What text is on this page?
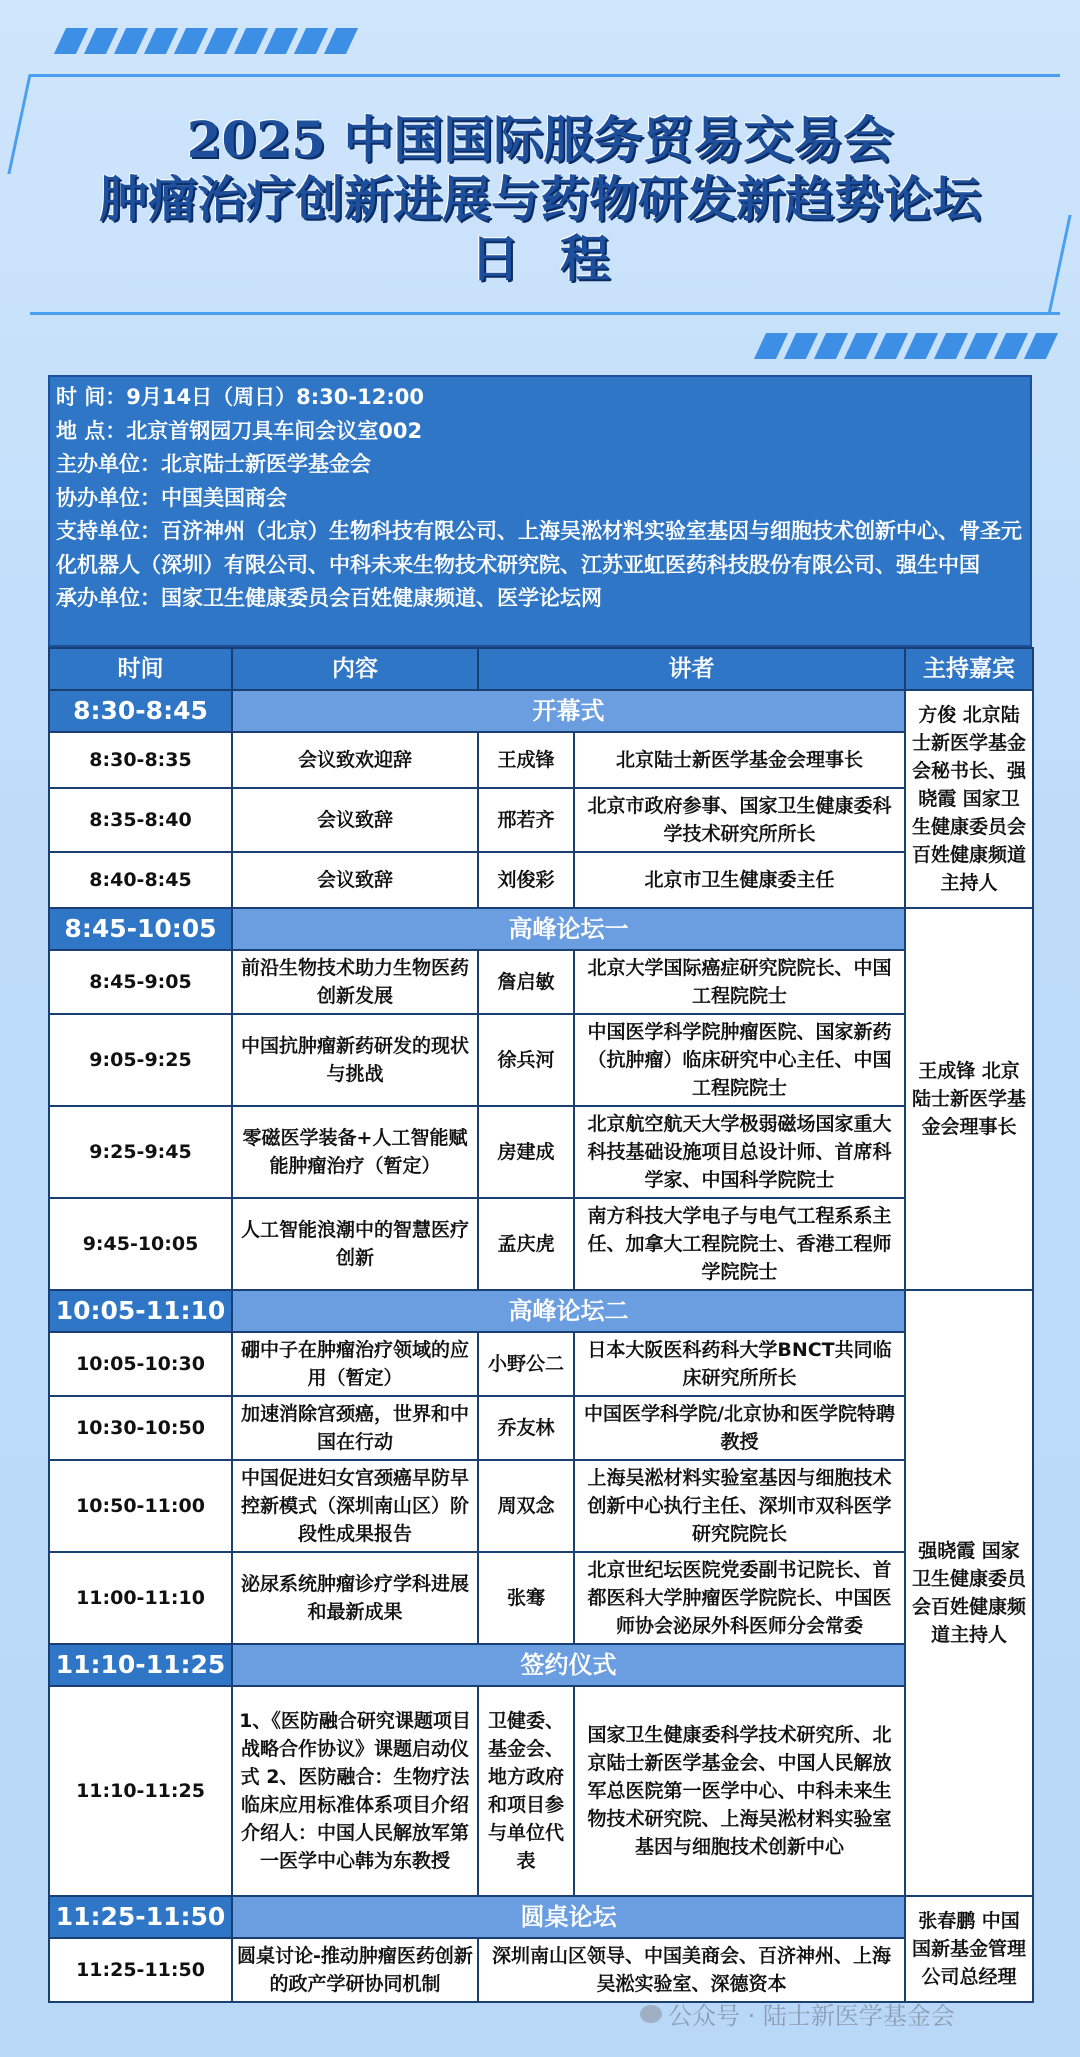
2025 中国国际服务贸易交易会

肿瘤治疗创新进展与药物研发新趋势论坛

日程

时 间：9月14日（周日）8:30-12:00

地 点：北京首钢园刀具车间会议室002

主办单位：北京陆士新医学基金会

协办单位：中国美国商会

支持单位：百济神州（北京）生物科技有限公司、上海吴淞材料实验室基因与细胞技术创新中心、骨圣元化机器人（深圳）有限公司、中科未来生物技术研究院、江苏亚虹医药科技股份有限公司、强生中国

承办单位：国家卫生健康委员会百姓健康频道、医学论坛网

时间	内容	讲者		主持嘉宾
8:30-8:45	开幕式			方俊 北京陆士新医学基金会秘书长、强晓霞 国家卫生健康委员会百姓健康频道主持人
8:30-8:35	会议致欢迎辞	王成锋	北京陆士新医学基金会理事长	
8:35-8:40	会议致辞	邢若齐	北京市政府参事、国家卫生健康委科学技术研究所所长	
8:40-8:45	会议致辞	刘俊彩	北京市卫生健康委主任	
8:45-10:05	高峰论坛一			王成锋 北京陆士新医学基金会理事长
8:45-9:05	前沿生物技术助力生物医药创新发展	詹启敏	北京大学国际癌症研究院院长、中国工程院院士	
9:05-9:25	中国抗肿瘤新药研发的现状与挑战	徐兵河	中国医学科学院肿瘤医院、国家新药（抗肿瘤）临床研究中心主任、中国工程院院士	
9:25-9:45	零磁医学装备+人工智能赋能肿瘤治疗（暂定）	房建成	北京航空航天大学极弱磁场国家重大科技基础设施项目总设计师、首席科学家、中国科学院院士	
9:45-10:05	人工智能浪潮中的智慧医疗创新	孟庆虎	南方科技大学电子与电气工程系系主任、加拿大工程院院士、香港工程师学院院士	
10:05-11:10	高峰论坛二			强晓霞 国家卫生健康委员会百姓健康频道主持人
10:05-10:30	硼中子在肿瘤治疗领域的应用（暂定）	小野公二	日本大阪医科药科大学BNCT共同临床研究所所长	
10:30-10:50	加速消除宫颈癌，世界和中国在行动	乔友林	中国医学科学院/北京协和医学院特聘教授	
10:50-11:00	中国促进妇女宫颈癌早防早控新模式（深圳南山区）阶段性成果报告	周双念	上海吴淞材料实验室基因与细胞技术创新中心执行主任、深圳市双科医学研究院院长	
11:00-11:10	泌尿系统肿瘤诊疗学科进展和最新成果	张骞	北京世纪坛医院党委副书记院长、首都医科大学肿瘤医学院院长、中国医师协会泌尿外科医师分会常委	
11:10-11:25	签约仪式			
11:10-11:25	1、《医防融合研究课题项目战略合作协议》课题启动仪式 2、医防融合：生物疗法临床应用标准体系项目介绍 介绍人：中国人民解放军第一医学中心韩为东教授	卫健委、基金会、地方政府和项目参与单位代表	国家卫生健康委科学技术研究所、北京陆士新医学基金会、中国人民解放军总医院第一医学中心、中科未来生物技术研究院、上海吴淞材料实验室基因与细胞技术创新中心	
11:25-11:50	圆桌论坛			张春鹏 中国国新基金管理公司总经理
11:25-11:50	圆桌讨论-推动肿瘤医药创新的政产学研协同机制	深圳南山区领导、中国美商会、百济神州、上海吴淞实验室、深德资本		
公众号 · 陆士新医学基金会
